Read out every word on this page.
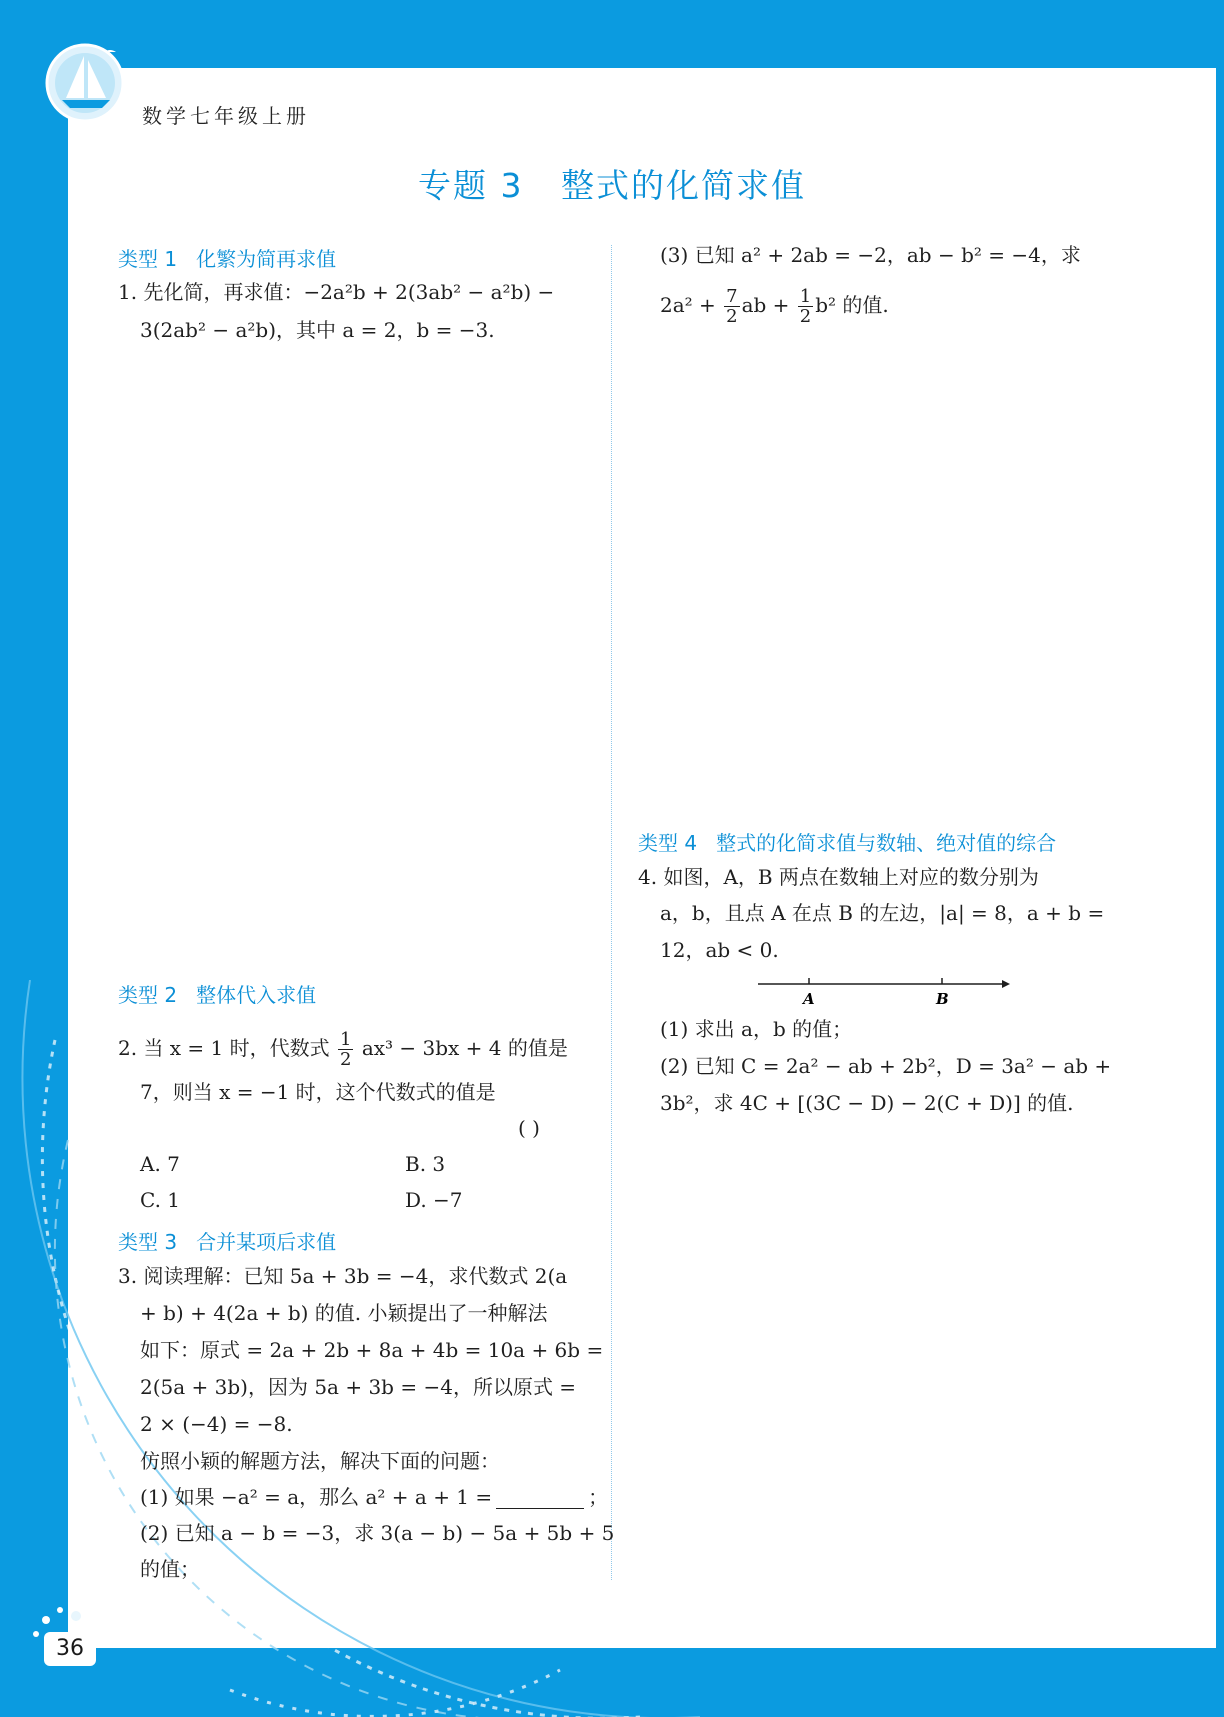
数学七年级上册
专题 3   整式的化简求值
类型 1   化繁为简再求值
1. 先化简，再求值：−2a²b + 2(3ab² − a²b) −
3(2ab² − a²b)，其中 a = 2，b = −3.
类型 2   整体代入求值
2. 当 x = 1 时，代数式 $\frac{1}{2} ax^3 - 3bx + 4$ 的值是
7，则当 x = −1 时，这个代数式的值是
( )
A. 7	B. 3
C. 1	D. −7
类型 3   合并某项后求值
3. 阅读理解：已知 5a + 3b = −4，求代数式 2(a
+ b) + 4(2a + b) 的值. 小颖提出了一种解法
如下：原式 = 2a + 2b + 8a + 4b = 10a + 6b =
2(5a + 3b)，因为 5a + 3b = −4，所以原式 =
2 × (−4) = −8.
仿照小颖的解题方法，解决下面的问题：
(1) 如果 −a² = a，那么 a² + a + 1 =	；
(2) 已知 a − b = −3，求 3(a − b) − 5a + 5b + 5
的值；
(3) 已知 a² + 2ab = −2，ab − b² = −4，求
$2a^2 + \frac{7}{2}$ ab + $\frac{1}{2} b^2$ 的值.
类型 4   整式的化简求值与数轴、绝对值的综合
4. 如图，A，B 两点在数轴上对应的数分别为
a，b，且点 A 在点 B 的左边，|a| = 8，a + b =
12，ab < 0.
A	B
(1) 求出 a，b 的值；
(2) 已知 C = 2a² − ab + 2b²，D = 3a² − ab +
3b²，求 4C + [(3C − D) − 2(C + D)] 的值.
36
